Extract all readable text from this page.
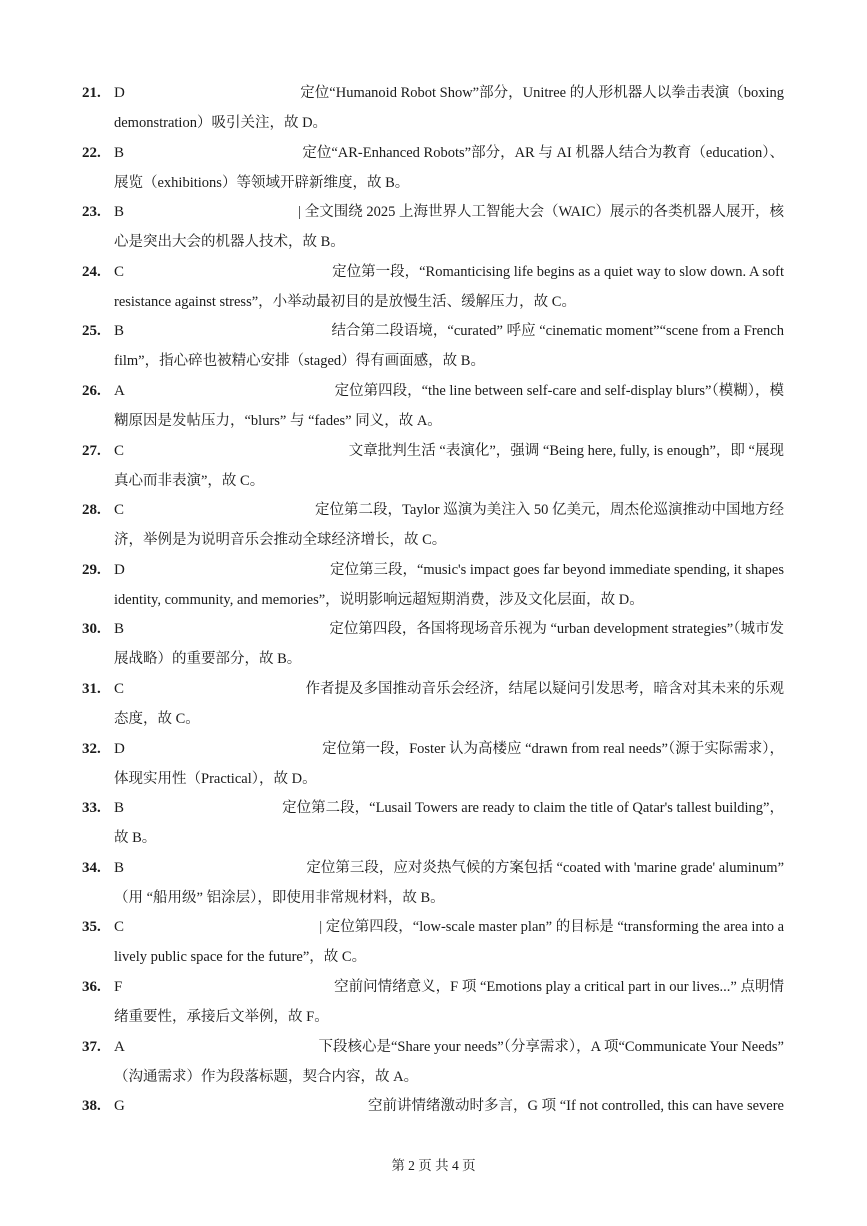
21. D	定位“Humanoid Robot Show”部分，Unitree 的人形机器人以拳击表演（boxing
demonstration）吸引关注，故 D。
22. B	定位“AR-Enhanced Robots”部分，AR 与 AI 机器人结合为教育（education）、
展览（exhibitions）等领域开辟新维度，故 B。
23. B	| 全文围绕 2025 上海世界人工智能大会（WAIC）展示的各类机器人展开，核
心是突出大会的机器人技术，故 B。
24. C	定位第一段，“Romanticising life begins as a quiet way to slow down. A soft
resistance against stress”，小举动最初目的是放慢生活、缓解压力，故 C。
25. B	结合第二段语境，“curated” 呼应 “cinematic moment”“scene from a French
film”，指心碎也被精心安排（staged）得有画面感，故 B。
26. A	定位第四段，“the line between self-care and self-display blurs”（模糊），模
糊原因是发帖压力，“blurs” 与 “fades” 同义，故 A。
27. C	文章批判生活 “表演化”，强调 “Being here, fully, is enough”，即 “展现
真心而非表演”，故 C。
28. C	定位第二段，Taylor 巡演为美注入 50 亿美元，周杰伦巡演推动中国地方经
济，举例是为说明音乐会推动全球经济增长，故 C。
29. D	定位第三段，“music's impact goes far beyond immediate spending, it shapes
identity, community, and memories”，说明影响远超短期消费，涉及文化层面，故 D。
30. B	定位第四段，各国将现场音乐视为 “urban development strategies”（城市发
展战略）的重要部分，故 B。
31. C	作者提及多国推动音乐会经济，结尾以疑问引发思考，暗含对其未来的乐观
态度，故 C。
32. D	定位第一段，Foster 认为高楼应 “drawn from real needs”（源于实际需求），
体现实用性（Practical），故 D。
33. B	定位第二段，“Lusail Towers are ready to claim the title of Qatar's tallest building”，
故 B。
34. B	定位第三段，应对炎热气候的方案包括 “coated with 'marine grade' aluminum”
（用 “船用级” 铝涂层），即使用非常规材料，故 B。
35. C	| 定位第四段，“low-scale master plan” 的目标是 “transforming the area into a
lively public space for the future”，故 C。
36. F	空前问情绪意义，F 项 “Emotions play a critical part in our lives...” 点明情
绪重要性，承接后文举例，故 F。
37. A	下段核心是“Share your needs”（分享需求），A 项“Communicate Your Needs”
（沟通需求）作为段落标题，契合内容，故 A。
38. G	空前讲情绪激动时多言，G 项 “If not controlled, this can have severe
第 2 页 共 4 页
